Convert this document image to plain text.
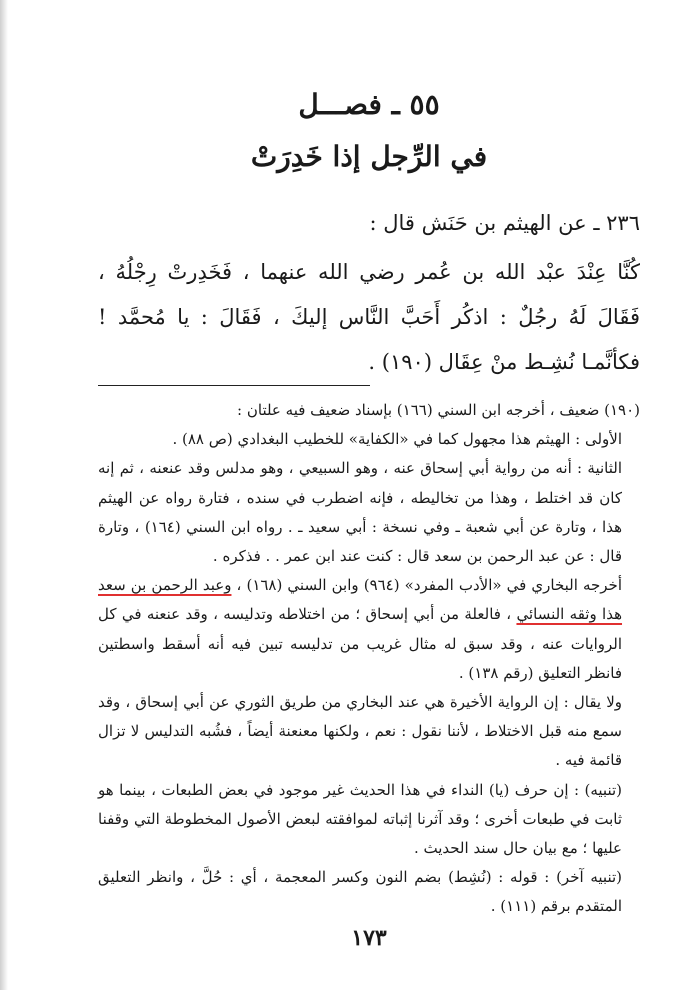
٥٥ ـ فصـــل
في الرِّجل إذا خَدِرَتْ
٢٣٦ ـ عن الهيثم بن حَنَش قال :
كُنَّا عِنْدَ عبْد الله بن عُمر رضي الله عنهما ، فَخَدِرتْ رِجْلُهُ ، فَقَالَ لَهُ رجُلٌ : اذكُر أَحَبَّ النَّاس إليكَ ، فَقَالَ : يا مُحمَّد ! فكأنَّمـا نُشِـط منْ عِقَال (١٩٠) .

(١٩٠) ضعيف ، أخرجه ابن السني (١٦٦) بإسناد ضعيف فيه علتان :

الأولى : الهيثم هذا مجهول كما في «الكفاية» للخطيب البغدادي (ص ٨٨) .

الثانية : أنه من رواية أبي إسحاق عنه ، وهو السبيعي ، وهو مدلس وقد عنعنه ، ثم إنه كان قد اختلط ، وهذا من تخاليطه ، فإنه اضطرب في سنده ، فتارة رواه عن الهيثم هذا ، وتارة عن أبي شعبة ـ وفي نسخة : أبي سعيد ـ . رواه ابن السني (١٦٤) ، وتارة قال : عن عبد الرحمن بن سعد قال : كنت عند ابن عمر . . فذكره .

أخرجه البخاري في «الأدب المفرد» (٩٦٤) وابن السني (١٦٨) ، وعبد الرحمن بن سعد هذا وثقه النسائي ، فالعلة من أبي إسحاق ؛ من اختلاطه وتدليسه ، وقد عنعنه في كل الروايات عنه ، وقد سبق له مثال غريب من تدليسه تبين فيه أنه أسقط واسطتين فانظر التعليق (رقم ١٣٨) .

ولا يقال : إن الرواية الأخيرة هي عند البخاري من طريق الثوري عن أبي إسحاق ، وقد سمع منه قبل الاختلاط ، لأننا نقول : نعم ، ولكنها معنعنة أيضاً ، فشُبه التدليس لا تزال قائمة فيه .

(تنبيه) : إن حرف (يا) النداء في هذا الحديث غير موجود في بعض الطبعات ، بينما هو ثابت في طبعات أخرى ؛ وقد آثرنا إثباته لموافقته لبعض الأصول المخطوطة التي وقفنا عليها ؛ مع بيان حال سند الحديث .

(تنبيه آخر) : قوله : (نُشِط) بضم النون وكسر المعجمة ، أي : حُلَّ ، وانظر التعليق المتقدم برقم (١١١) .

١٧٣
